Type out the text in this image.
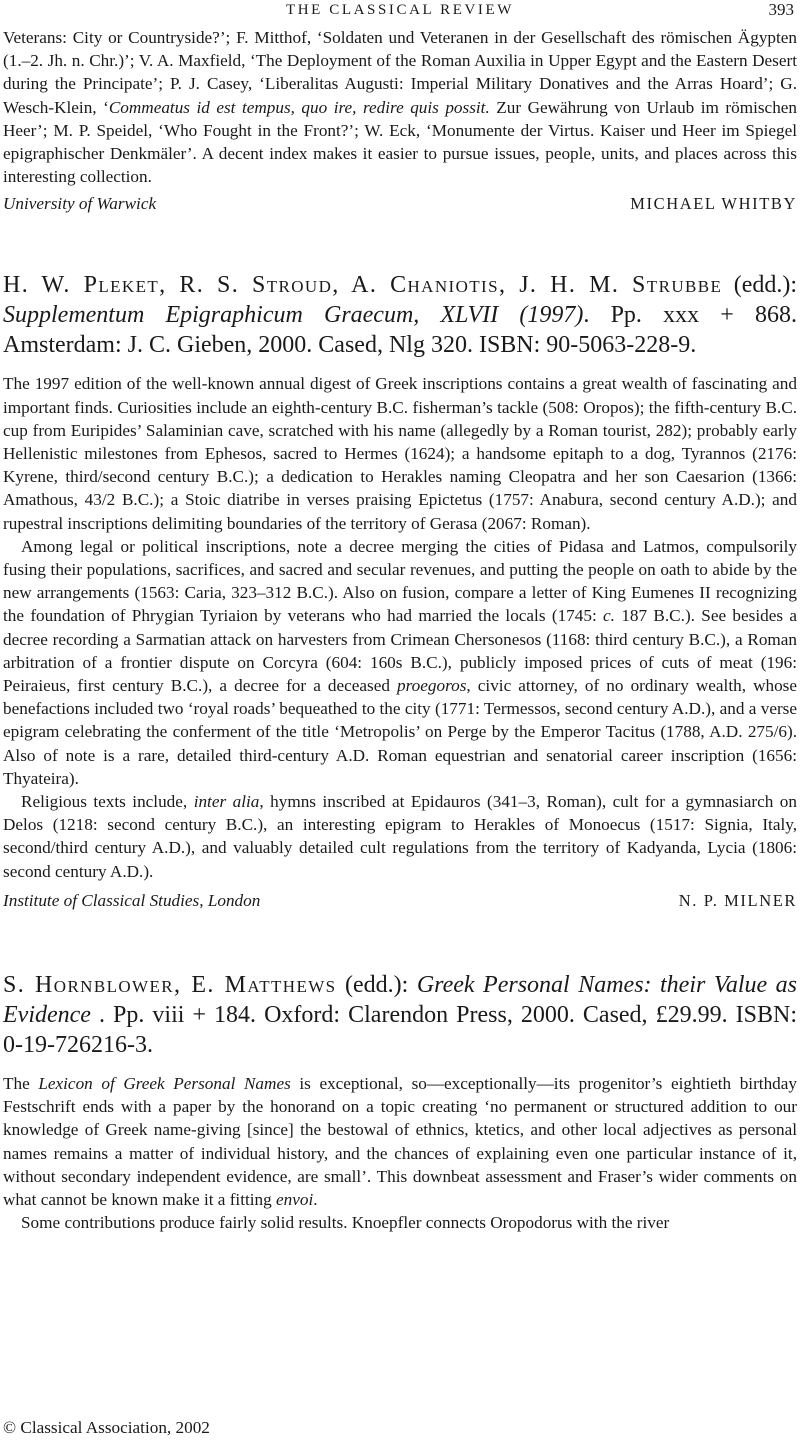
THE CLASSICAL REVIEW	393

Veterans: City or Countryside?’; F. Mitthof, ‘Soldaten und Veteranen in der Gesellschaft des römischen Ägypten (1.–2. Jh. n. Chr.)’; V. A. Maxfield, ‘The Deployment of the Roman Auxilia in Upper Egypt and the Eastern Desert during the Principate’; P. J. Casey, ‘Liberalitas Augusti: Imperial Military Donatives and the Arras Hoard’; G. Wesch-Klein, ‘Commeatus id est tempus, quo ire, redire quis possit. Zur Gewährung von Urlaub im römischen Heer’; M. P. Speidel, ‘Who Fought in the Front?’; W. Eck, ‘Monumente der Virtus. Kaiser und Heer im Spiegel epigraphischer Denkmäler’. A decent index makes it easier to pursue issues, people, units, and places across this interesting collection.

University of Warwick	MICHAEL WHITBY
H. W. Pleket, R. S. Stroud, A. Chaniotis, J. H. M. Strubbe (edd.): Supplementum Epigraphicum Graecum, XLVII (1997). Pp. xxx + 868. Amsterdam: J. C. Gieben, 2000. Cased, Nlg 320. ISBN: 90-5063-228-9.

The 1997 edition of the well-known annual digest of Greek inscriptions contains a great wealth of fascinating and important finds. Curiosities include an eighth-century B.C. fisherman’s tackle (508: Oropos); the fifth-century B.C. cup from Euripides’ Salaminian cave, scratched with his name (allegedly by a Roman tourist, 282); probably early Hellenistic milestones from Ephesos, sacred to Hermes (1624); a handsome epitaph to a dog, Tyrannos (2176: Kyrene, third/second century B.C.); a dedication to Herakles naming Cleopatra and her son Caesarion (1366: Amathous, 43/2 B.C.); a Stoic diatribe in verses praising Epictetus (1757: Anabura, second century A.D.); and rupestral inscriptions delimiting boundaries of the territory of Gerasa (2067: Roman).

Among legal or political inscriptions, note a decree merging the cities of Pidasa and Latmos, compulsorily fusing their populations, sacrifices, and sacred and secular revenues, and putting the people on oath to abide by the new arrangements (1563: Caria, 323–312 B.C.). Also on fusion, compare a letter of King Eumenes II recognizing the foundation of Phrygian Tyriaion by veterans who had married the locals (1745: c. 187 B.C.). See besides a decree recording a Sarmatian attack on harvesters from Crimean Chersonesos (1168: third century B.C.), a Roman arbitration of a frontier dispute on Corcyra (604: 160s B.C.), publicly imposed prices of cuts of meat (196: Peiraieus, first century B.C.), a decree for a deceased proegoros, civic attorney, of no ordinary wealth, whose benefactions included two ‘royal roads’ bequeathed to the city (1771: Termessos, second century A.D.), and a verse epigram celebrating the conferment of the title ‘Metropolis’ on Perge by the Emperor Tacitus (1788, A.D. 275/6). Also of note is a rare, detailed third-century A.D. Roman equestrian and senatorial career inscription (1656: Thyateira).

Religious texts include, inter alia, hymns inscribed at Epidauros (341–3, Roman), cult for a gymnasiarch on Delos (1218: second century B.C.), an interesting epigram to Herakles of Monoecus (1517: Signia, Italy, second/third century A.D.), and valuably detailed cult regulations from the territory of Kadyanda, Lycia (1806: second century A.D.).

Institute of Classical Studies, London	N. P. MILNER
S. Hornblower, E. Matthews (edd.): Greek Personal Names: their Value as Evidence . Pp. viii + 184. Oxford: Clarendon Press, 2000. Cased, £29.99. ISBN: 0-19-726216-3.

The Lexicon of Greek Personal Names is exceptional, so—exceptionally—its progenitor’s eightieth birthday Festschrift ends with a paper by the honorand on a topic creating ‘no permanent or structured addition to our knowledge of Greek name-giving [since] the bestowal of ethnics, ktetics, and other local adjectives as personal names remains a matter of individual history, and the chances of explaining even one particular instance of it, without secondary independent evidence, are small’. This downbeat assessment and Fraser’s wider comments on what cannot be known make it a fitting envoi.

Some contributions produce fairly solid results. Knoepfler connects Oropodorus with the river

© Classical Association, 2002
